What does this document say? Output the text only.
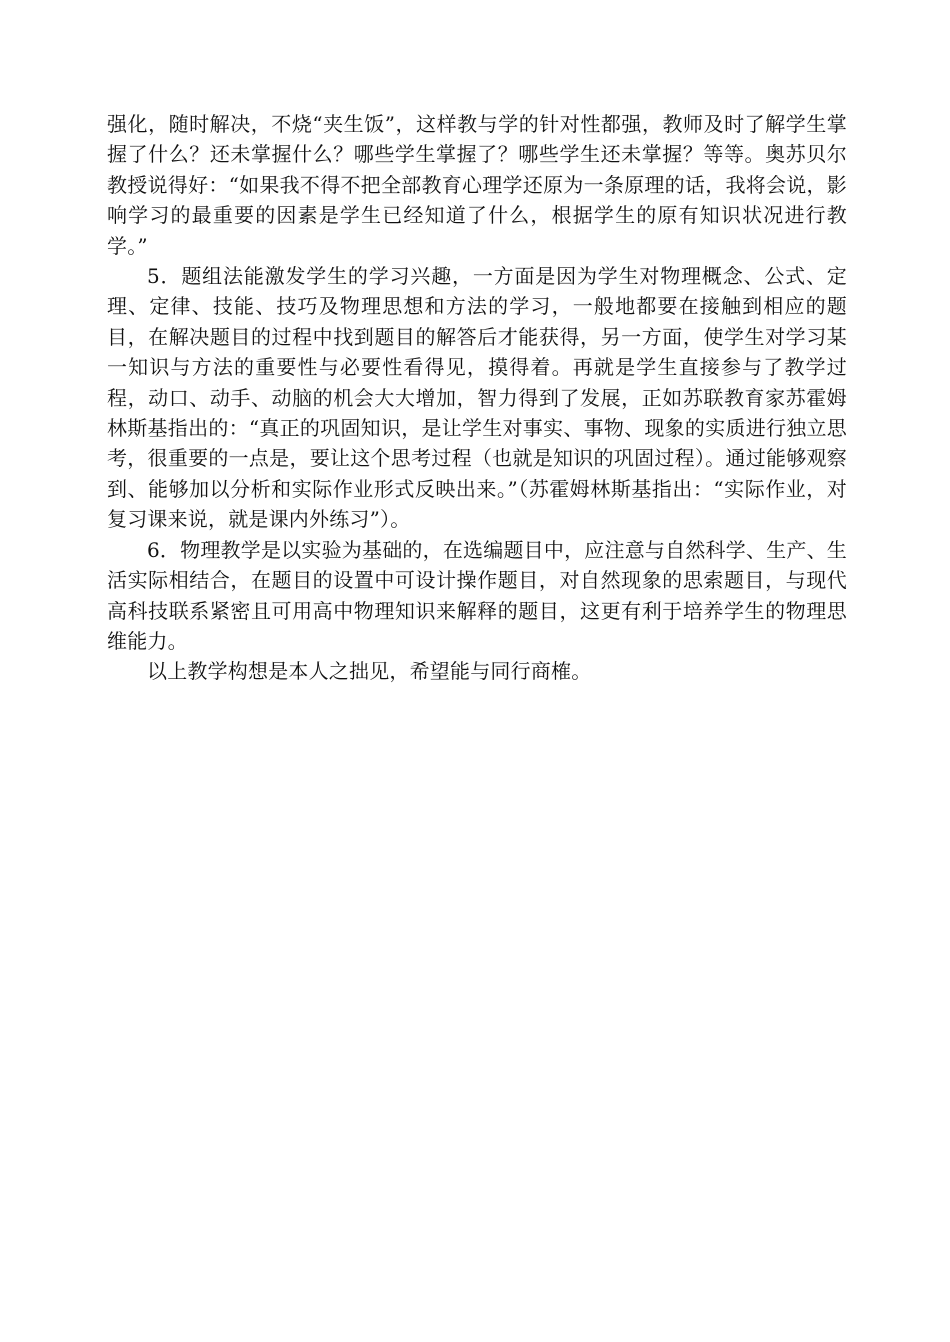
强化，随时解决，不烧“夹生饭”，这样教与学的针对性都强，教师及时了解学生掌握了什么？还未掌握什么？哪些学生掌握了？哪些学生还未掌握？等等。奥苏贝尔教授说得好：“如果我不得不把全部教育心理学还原为一条原理的话，我将会说，影响学习的最重要的因素是学生已经知道了什么，根据学生的原有知识状况进行教学。”

5．题组法能激发学生的学习兴趣，一方面是因为学生对物理概念、公式、定理、定律、技能、技巧及物理思想和方法的学习，一般地都要在接触到相应的题目，在解决题目的过程中找到题目的解答后才能获得，另一方面，使学生对学习某一知识与方法的重要性与必要性看得见，摸得着。再就是学生直接参与了教学过程，动口、动手、动脑的机会大大增加，智力得到了发展，正如苏联教育家苏霍姆林斯基指出的：“真正的巩固知识，是让学生对事实、事物、现象的实质进行独立思考，很重要的一点是，要让这个思考过程（也就是知识的巩固过程）。通过能够观察到、能够加以分析和实际作业形式反映出来。”（苏霍姆林斯基指出：“实际作业，对复习课来说，就是课内外练习”）。

6．物理教学是以实验为基础的，在选编题目中，应注意与自然科学、生产、生活实际相结合，在题目的设置中可设计操作题目，对自然现象的思索题目，与现代高科技联系紧密且可用高中物理知识来解释的题目，这更有利于培养学生的物理思维能力。

以上教学构想是本人之拙见，希望能与同行商榷。
